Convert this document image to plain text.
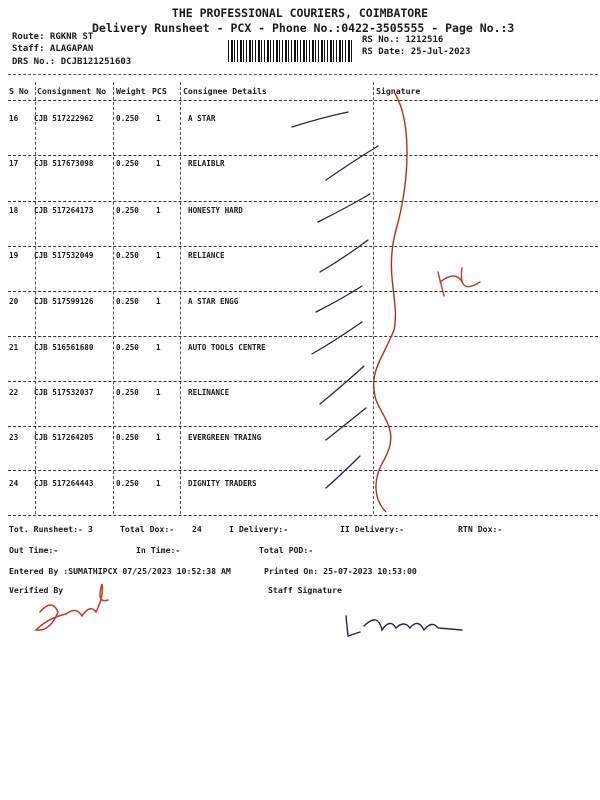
THE PROFESSIONAL COURIERS, COIMBATORE
Delivery Runsheet - PCX - Phone No.:0422-3505555 - Page No.:3
Route: RGKNR ST
Staff: ALAGAPAN
DRS No.: DCJB121251603
RS No.: 1212516
RS Date: 25-Jul-2023
S No Consignment No Weight PCS Consignee Details	Signature
16 CJB 517222962	0.250 1	A STAR
17 CJB 517673098	0.250 1	RELAIBLR
18 CJB 517264173	0.250 1	HONESTY HARD
19 CJB 517532049	0.250 1	RELIANCE
20 CJB 517599126	0.250 1	A STAR ENGG
21 CJB 516561680	0.250 1	AUTO TOOLS CENTRE
22 CJB 517532037	0.250 1	RELINANCE
23 CJB 517264205	0.250 1	EVERGREEN TRAING
24 CJB 517264443	0.250 1	DIGNITY TRADERS
Tot. Runsheet:- 3	Total Dox:- 24	I Delivery:-	II Delivery:-	RTN Dox:-
Out Time:-	In Time:-	Total POD:-
Entered By :SUMATHIPCX 07/25/2023 10:52:38 AM	Printed On: 25-07-2023 10:53:00
Verified By	Staff Signature
